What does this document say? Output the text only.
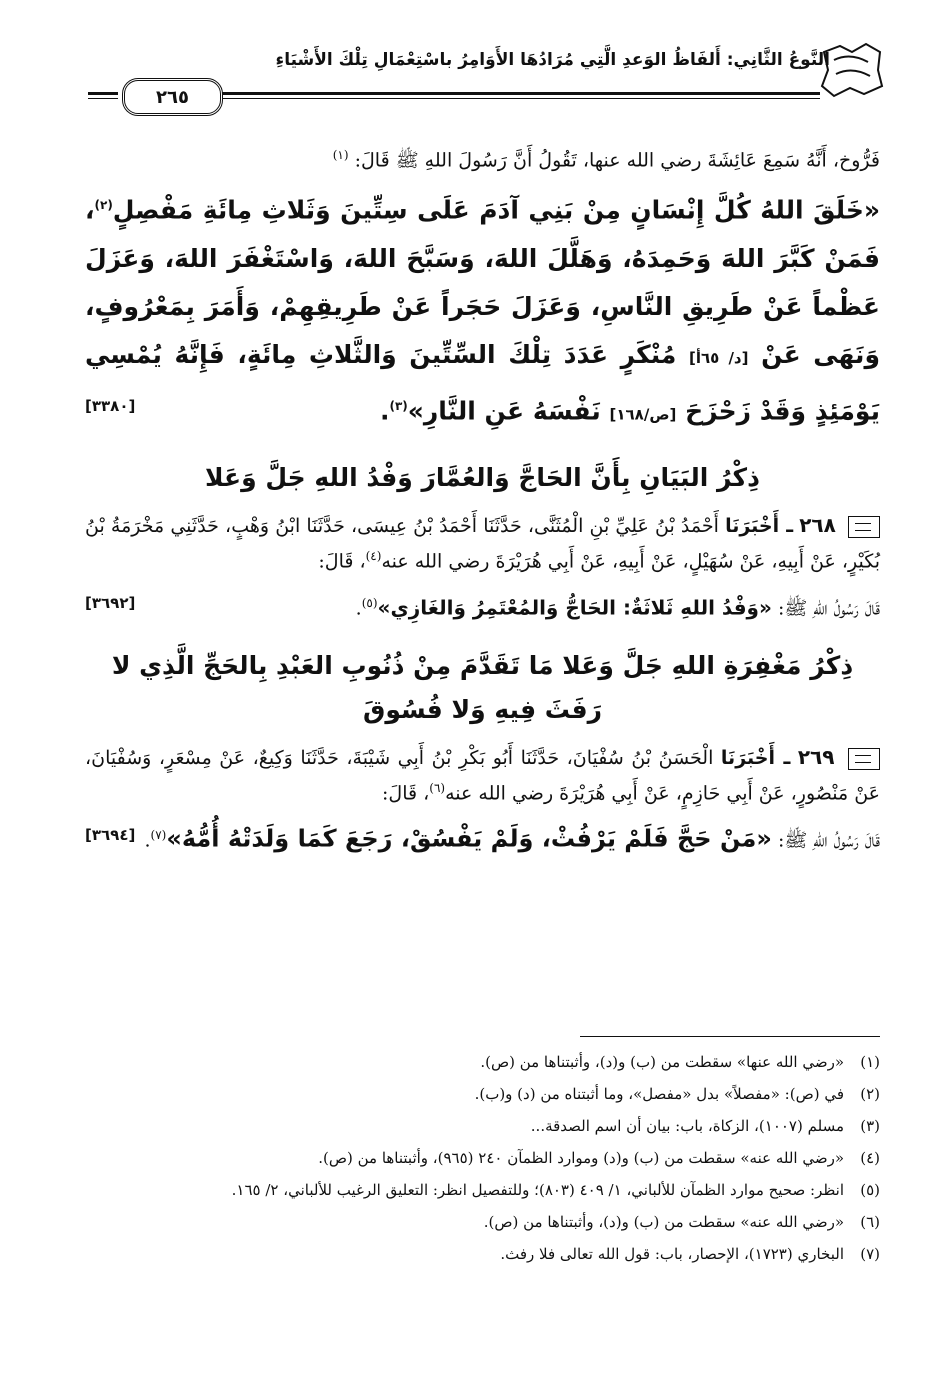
النَّوعُ الثَّانِي: أَلفَاظُ الوَعدِ الَّتِي مُرَادُهَا الأَوَامِرُ باسْتِعْمَالِ تِلْكَ الأَشْيَاءِ
٢٦٥

فَرُّوخ، أَنَّهُ سَمِعَ عَائِشَةَ رضي الله عنها، تَقُولُ أَنَّ رَسُولَ اللهِ ﷺ قَالَ: $^{(١)}$

«خَلَقَ اللهُ كُلَّ إِنْسَانٍ مِنْ بَنِي آدَمَ عَلَى سِتِّينَ وَثَلاثِ مِائَةِ مَفْصِلٍ$^{(٢)}$، فَمَنْ كَبَّرَ اللهَ وَحَمِدَهُ، وَهَلَّلَ اللهَ، وَسَبَّحَ اللهَ، وَاسْتَغْفَرَ اللهَ، وَعَزَلَ عَظْماً عَنْ طَرِيقِ النَّاسِ، وَعَزَلَ حَجَراً عَنْ طَرِيقِهِمْ، وَأَمَرَ بِمَعْرُوفٍ، وَنَهَى عَنْ [د/ ٦٥أ] مُنْكَرٍ عَدَدَ تِلْكَ السِّتِّينَ وَالثَّلاثِ مِائَةٍ، فَإِنَّهُ يُمْسِي يَوْمَئِذٍ وَقَدْ زَحْزَحَ [ص/١٦٨] نَفْسَهُ عَنِ النَّارِ»$^{(٣)}$.
[٣٣٨٠]

ذِكْرُ البَيَانِ بِأَنَّ الحَاجَّ وَالعُمَّارَ وَفْدُ اللهِ جَلَّ وَعَلا

٢٦٨ ـ أَخْبَرَنَا أَحْمَدُ بْنُ عَلِيِّ بْنِ الْمُثَنَّى، حَدَّثَنَا أَحْمَدُ بْنُ عِيسَى، حَدَّثَنَا ابْنُ وَهْبٍ، حَدَّثَنِي مَخْرَمَةُ بْنُ بُكَيْرٍ، عَنْ أَبِيهِ، عَنْ سُهَيْلٍ، عَنْ أَبِيهِ، عَنْ أَبِي هُرَيْرَةَ رضي الله عنه$^{(٤)}$، قَالَ:

قَالَ رَسُولُ اللهِ ﷺ: «وَفْدُ اللهِ ثَلاثَةٌ: الحَاجُّ وَالمُعْتَمِرُ وَالغَازِي»$^{(٥)}$.
[٣٦٩٢]

ذِكْرُ مَغْفِرَةِ اللهِ جَلَّ وَعَلا مَا تَقَدَّمَ مِنْ ذُنُوبِ العَبْدِ بِالحَجِّ الَّذِي لا
رَفَثَ فِيهِ وَلا فُسُوقَ

٢٦٩ ـ أَخْبَرَنَا الْحَسَنُ بْنُ سُفْيَانَ، حَدَّثَنَا أَبُو بَكْرِ بْنُ أَبِي شَيْبَةَ، حَدَّثَنَا وَكِيعٌ، عَنْ مِسْعَرٍ، وَسُفْيَانَ، عَنْ مَنْصُورٍ، عَنْ أَبِي حَازِمٍ، عَنْ أَبِي هُرَيْرَةَ رضي الله عنه$^{(٦)}$، قَالَ:

قَالَ رَسُولُ اللهِ ﷺ: «مَنْ حَجَّ فَلَمْ يَرْفُثْ، وَلَمْ يَفْسُقْ، رَجَعَ كَمَا وَلَدَتْهُ أُمُّهُ»$^{(٧)}$.
[٣٦٩٤]

(١)
«رضي الله عنها» سقطت من (ب) و(د)، وأثبتناها من (ص).
(٢)
في (ص): «مفصلاً» بدل «مفصل»، وما أثبتناه من (د) و(ب).
(٣)
مسلم (١٠٠٧)، الزكاة، باب: بيان أن اسم الصدقة...
(٤)
«رضي الله عنه» سقطت من (ب) و(د) وموارد الظمآن ٢٤٠ (٩٦٥)، وأثبتناها من (ص).
(٥)
انظر: صحيح موارد الظمآن للألباني، ١/ ٤٠٩ (٨٠٣)؛ وللتفصيل انظر: التعليق الرغيب للألباني، ٢/ ١٦٥.
(٦)
«رضي الله عنه» سقطت من (ب) و(د)، وأثبتناها من (ص).
(٧)
البخاري (١٧٢٣)، الإحصار، باب: قول الله تعالى فلا رفث.
